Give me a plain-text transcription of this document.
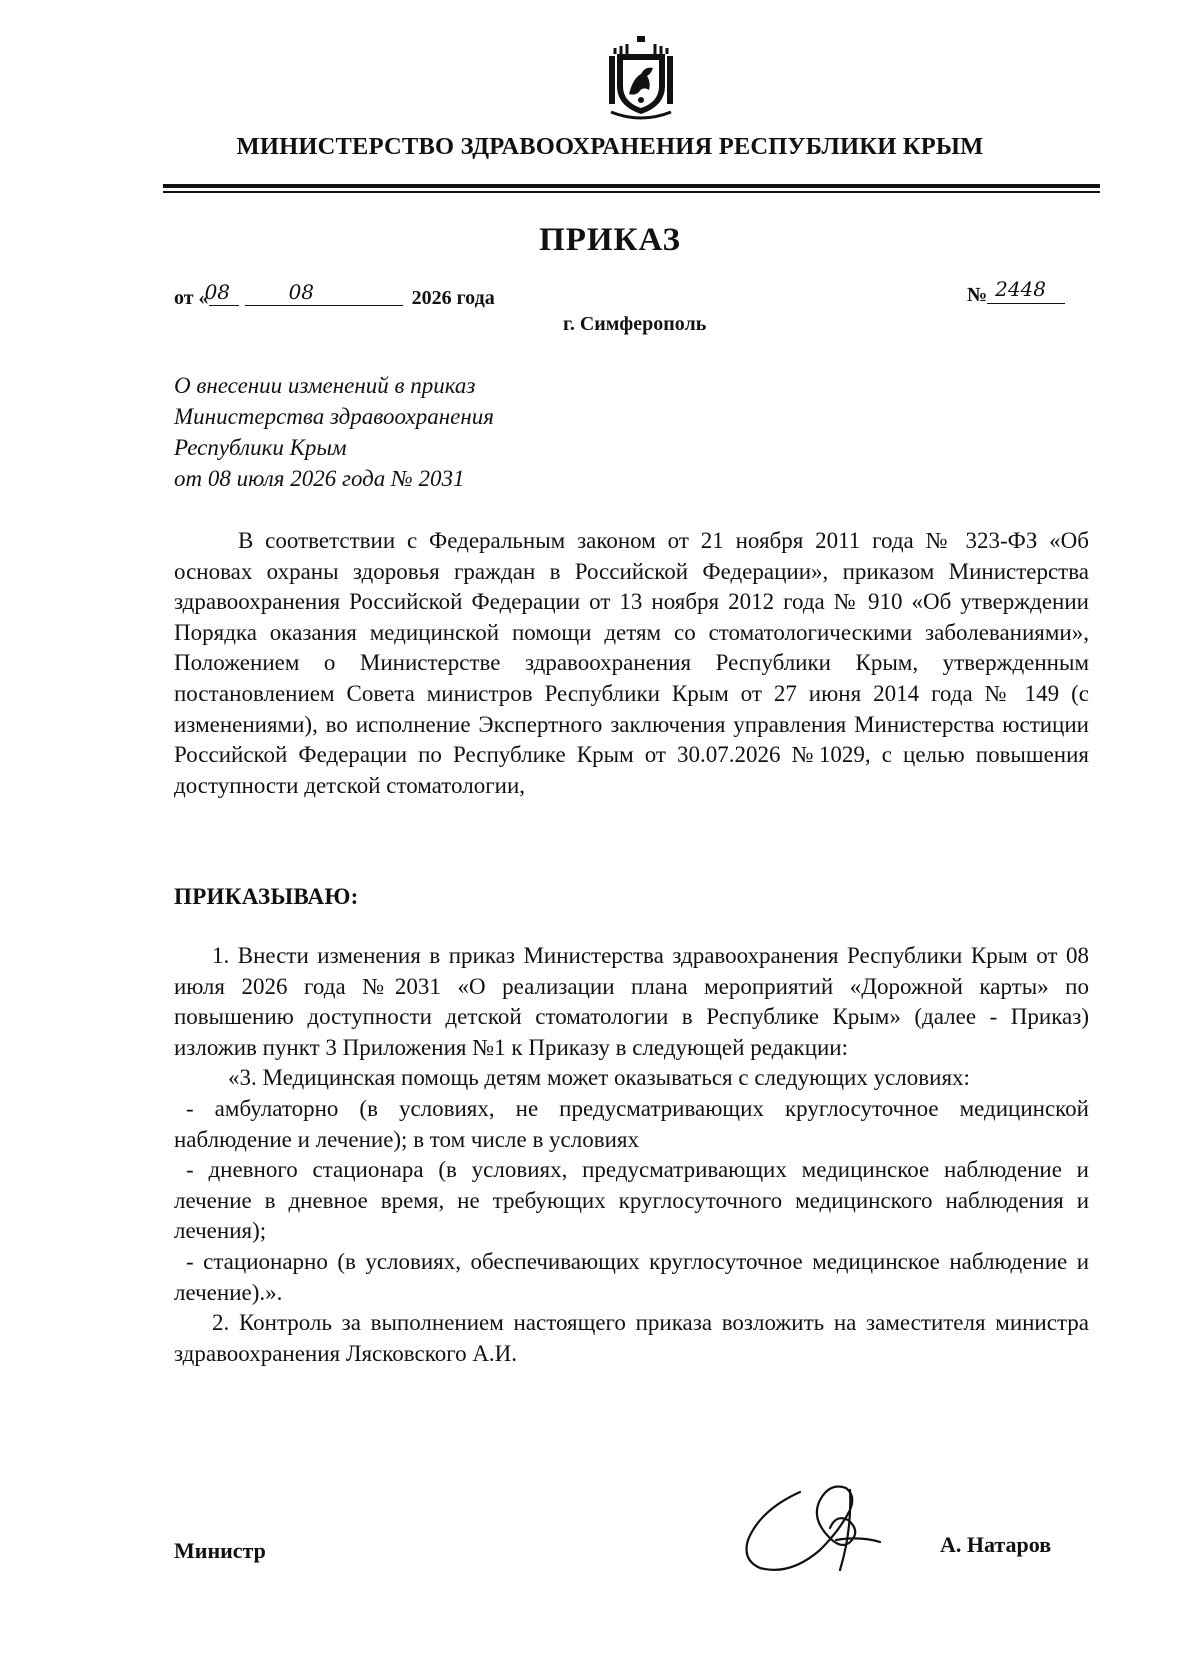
МИНИСТЕРСТВО ЗДРАВООХРАНЕНИЯ РЕСПУБЛИКИ КРЫМ
ПРИКАЗ
от «
08	08	2026 года	№ 2448
г. Симферополь
О внесении изменений в приказ
Министерства здравоохранения
Республики Крым
от 08 июля 2026 года № 2031
В соответствии с Федеральным законом от 21 ноября 2011 года № 323-ФЗ «Об основах охраны здоровья граждан в Российской Федерации», приказом Министерства здравоохранения Российской Федерации от 13 ноября 2012 года № 910 «Об утверждении Порядка оказания медицинской помощи детям со стоматологическими заболеваниями», Положением о Министерстве здравоохранения Республики Крым, утвержденным постановлением Совета министров Республики Крым от 27 июня 2014 года № 149 (с изменениями), во исполнение Экспертного заключения управления Министерства юстиции Российской Федерации по Республике Крым от 30.07.2026 №1029, с целью повышения доступности детской стоматологии,
ПРИКАЗЫВАЮ:

1. Внести изменения в приказ Министерства здравоохранения Республики Крым от 08 июля 2026 года №2031 «О реализации плана мероприятий «Дорожной карты» по повышению доступности детской стоматологии в Республике Крым» (далее - Приказ) изложив пункт 3 Приложения №1 к Приказу в следующей редакции:

«3. Медицинская помощь детям может оказываться с следующих условиях:

- амбулаторно (в условиях, не предусматривающих круглосуточное медицинской наблюдение и лечение); в том числе в условиях

- дневного стационара (в условиях, предусматривающих медицинское наблюдение и лечение в дневное время, не требующих круглосуточного медицинского наблюдения и лечения);

- стационарно (в условиях, обеспечивающих круглосуточное медицинское наблюдение и лечение).».

2. Контроль за выполнением настоящего приказа возложить на заместителя министра здравоохранения Лясковского А.И.

Министр	А. Натаров
